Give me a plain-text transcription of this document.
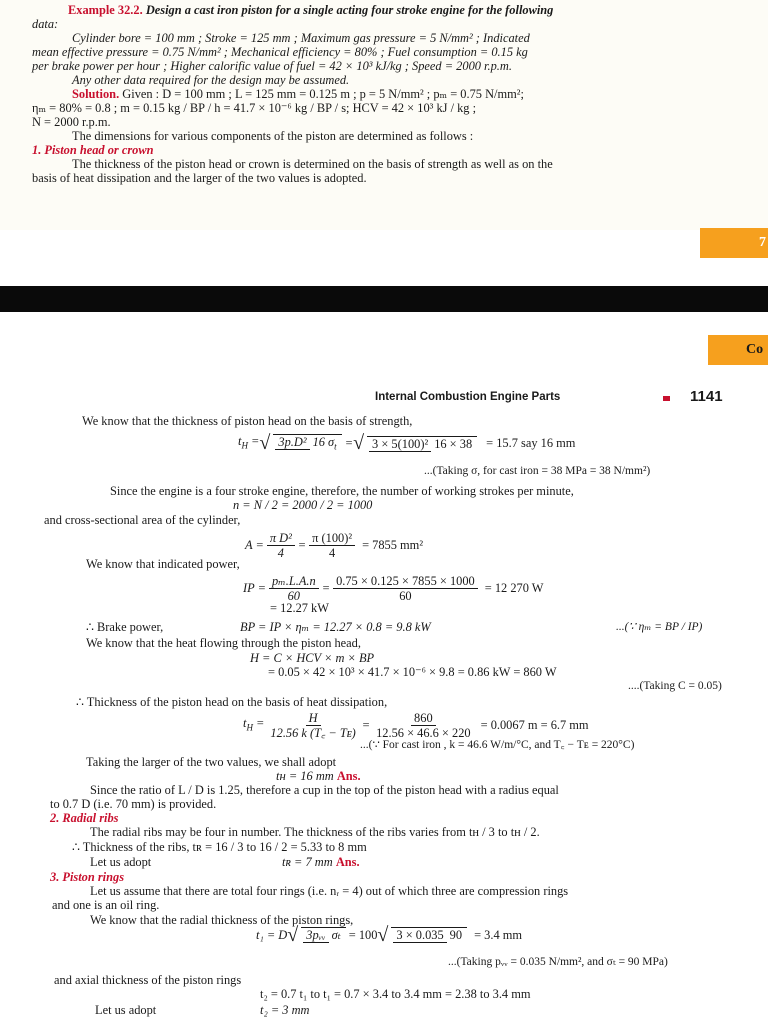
Example 32.2. Design a cast iron piston for a single acting four stroke engine for the following
data:
Cylinder bore = 100 mm ; Stroke = 125 mm ; Maximum gas pressure = 5 N/mm² ; Indicated
mean effective pressure = 0.75 N/mm² ; Mechanical efficiency = 80% ; Fuel consumption = 0.15 kg
per brake power per hour ; Higher calorific value of fuel = 42 × 10³ kJ/kg ; Speed = 2000 r.p.m.
Any other data required for the design may be assumed.
Solution. Given : D = 100 mm ; L = 125 mm = 0.125 m ; p = 5 N/mm² ; pₘ = 0.75 N/mm²;
ηₘ = 80% = 0.8 ; m = 0.15 kg / BP / h = 41.7 × 10⁻⁶ kg / BP / s; HCV = 42 × 10³ kJ / kg ;
N = 2000 r.p.m.
The dimensions for various components of the piston are determined as follows :
1. Piston head or crown
The thickness of the piston head or crown is determined on the basis of strength as well as on the
basis of heat dissipation and the larger of the two values is adopted.
7
Co
Internal Combustion Engine Parts	1141
We know that the thickness of piston head on the basis of strength,
$t_H$ = √ 3p.D² 16 $\sigma_t$ = √ 3 × 5(100)² 16 × 38	= 15.7 say 16 mm
...(Taking σ, for cast iron = 38 MPa = 38 N/mm²)
Since the engine is a four stroke engine, therefore, the number of working strokes per minute,
n = N / 2 = 2000 / 2 = 1000
and cross-sectional area of the cylinder,
$A = \frac{\text{π D²}}{4} = \frac{\text{π (100)²}}{4} = 7855$ mm²
We know that indicated power,
IP = $\frac{\text{pₘ.L.A.n}}{60} = \frac{0.75 \times 0.125 \times 7855 \times 1000}{60} = 12$ 270 W
= 12.27 kW
∴ Brake power,	BP = IP × ηₘ = 12.27 × 0.8 = 9.8 kW	...(∵ ηₘ = BP / IP)
We know that the heat flowing through the piston head,
H = C × HCV × m × BP
= 0.05 × 42 × 10³ × 41.7 × 10⁻⁶ × 9.8 = 0.86 kW = 860 W
....(Taking C = 0.05)
∴ Thickness of the piston head on the basis of heat dissipation,
$t_H = \frac{H}{\text{12.56 k (T꜀ − Tᴇ)}} = \frac{860}{12.56 \times 46.6 \times 220} = 0.0067$ m = 6.7 mm
...(∵ For cast iron , k = 46.6 W/m/°C, and T꜀ − Tᴇ = 220°C)
Taking the larger of the two values, we shall adopt
tʜ = 16 mm Ans.
Since the ratio of L / D is 1.25, therefore a cup in the top of the piston head with a radius equal
to 0.7 D (i.e. 70 mm) is provided.
2. Radial ribs
The radial ribs may be four in number. The thickness of the ribs varies from tʜ / 3 to tʜ / 2.
∴ Thickness of the ribs, tʀ = 16 / 3 to 16 / 2 = 5.33 to 8 mm
Let us adopt	tʀ = 7 mm Ans.
3. Piston rings
Let us assume that there are total four rings (i.e. nᵣ = 4) out of which three are compression rings
and one is an oil ring.
We know that the radial thickness of the piston rings,
t₁ = D √ 3pᵥᵥ σₜ = 100 √ 3 × 0.035 90 = 3.4 mm
...(Taking pᵥᵥ = 0.035 N/mm², and σₜ = 90 MPa)
and axial thickness of the piston rings
t₂ = 0.7 t₁ to t₁ = 0.7 × 3.4 to 3.4 mm = 2.38 to 3.4 mm
Let us adopt	t₂ = 3 mm
